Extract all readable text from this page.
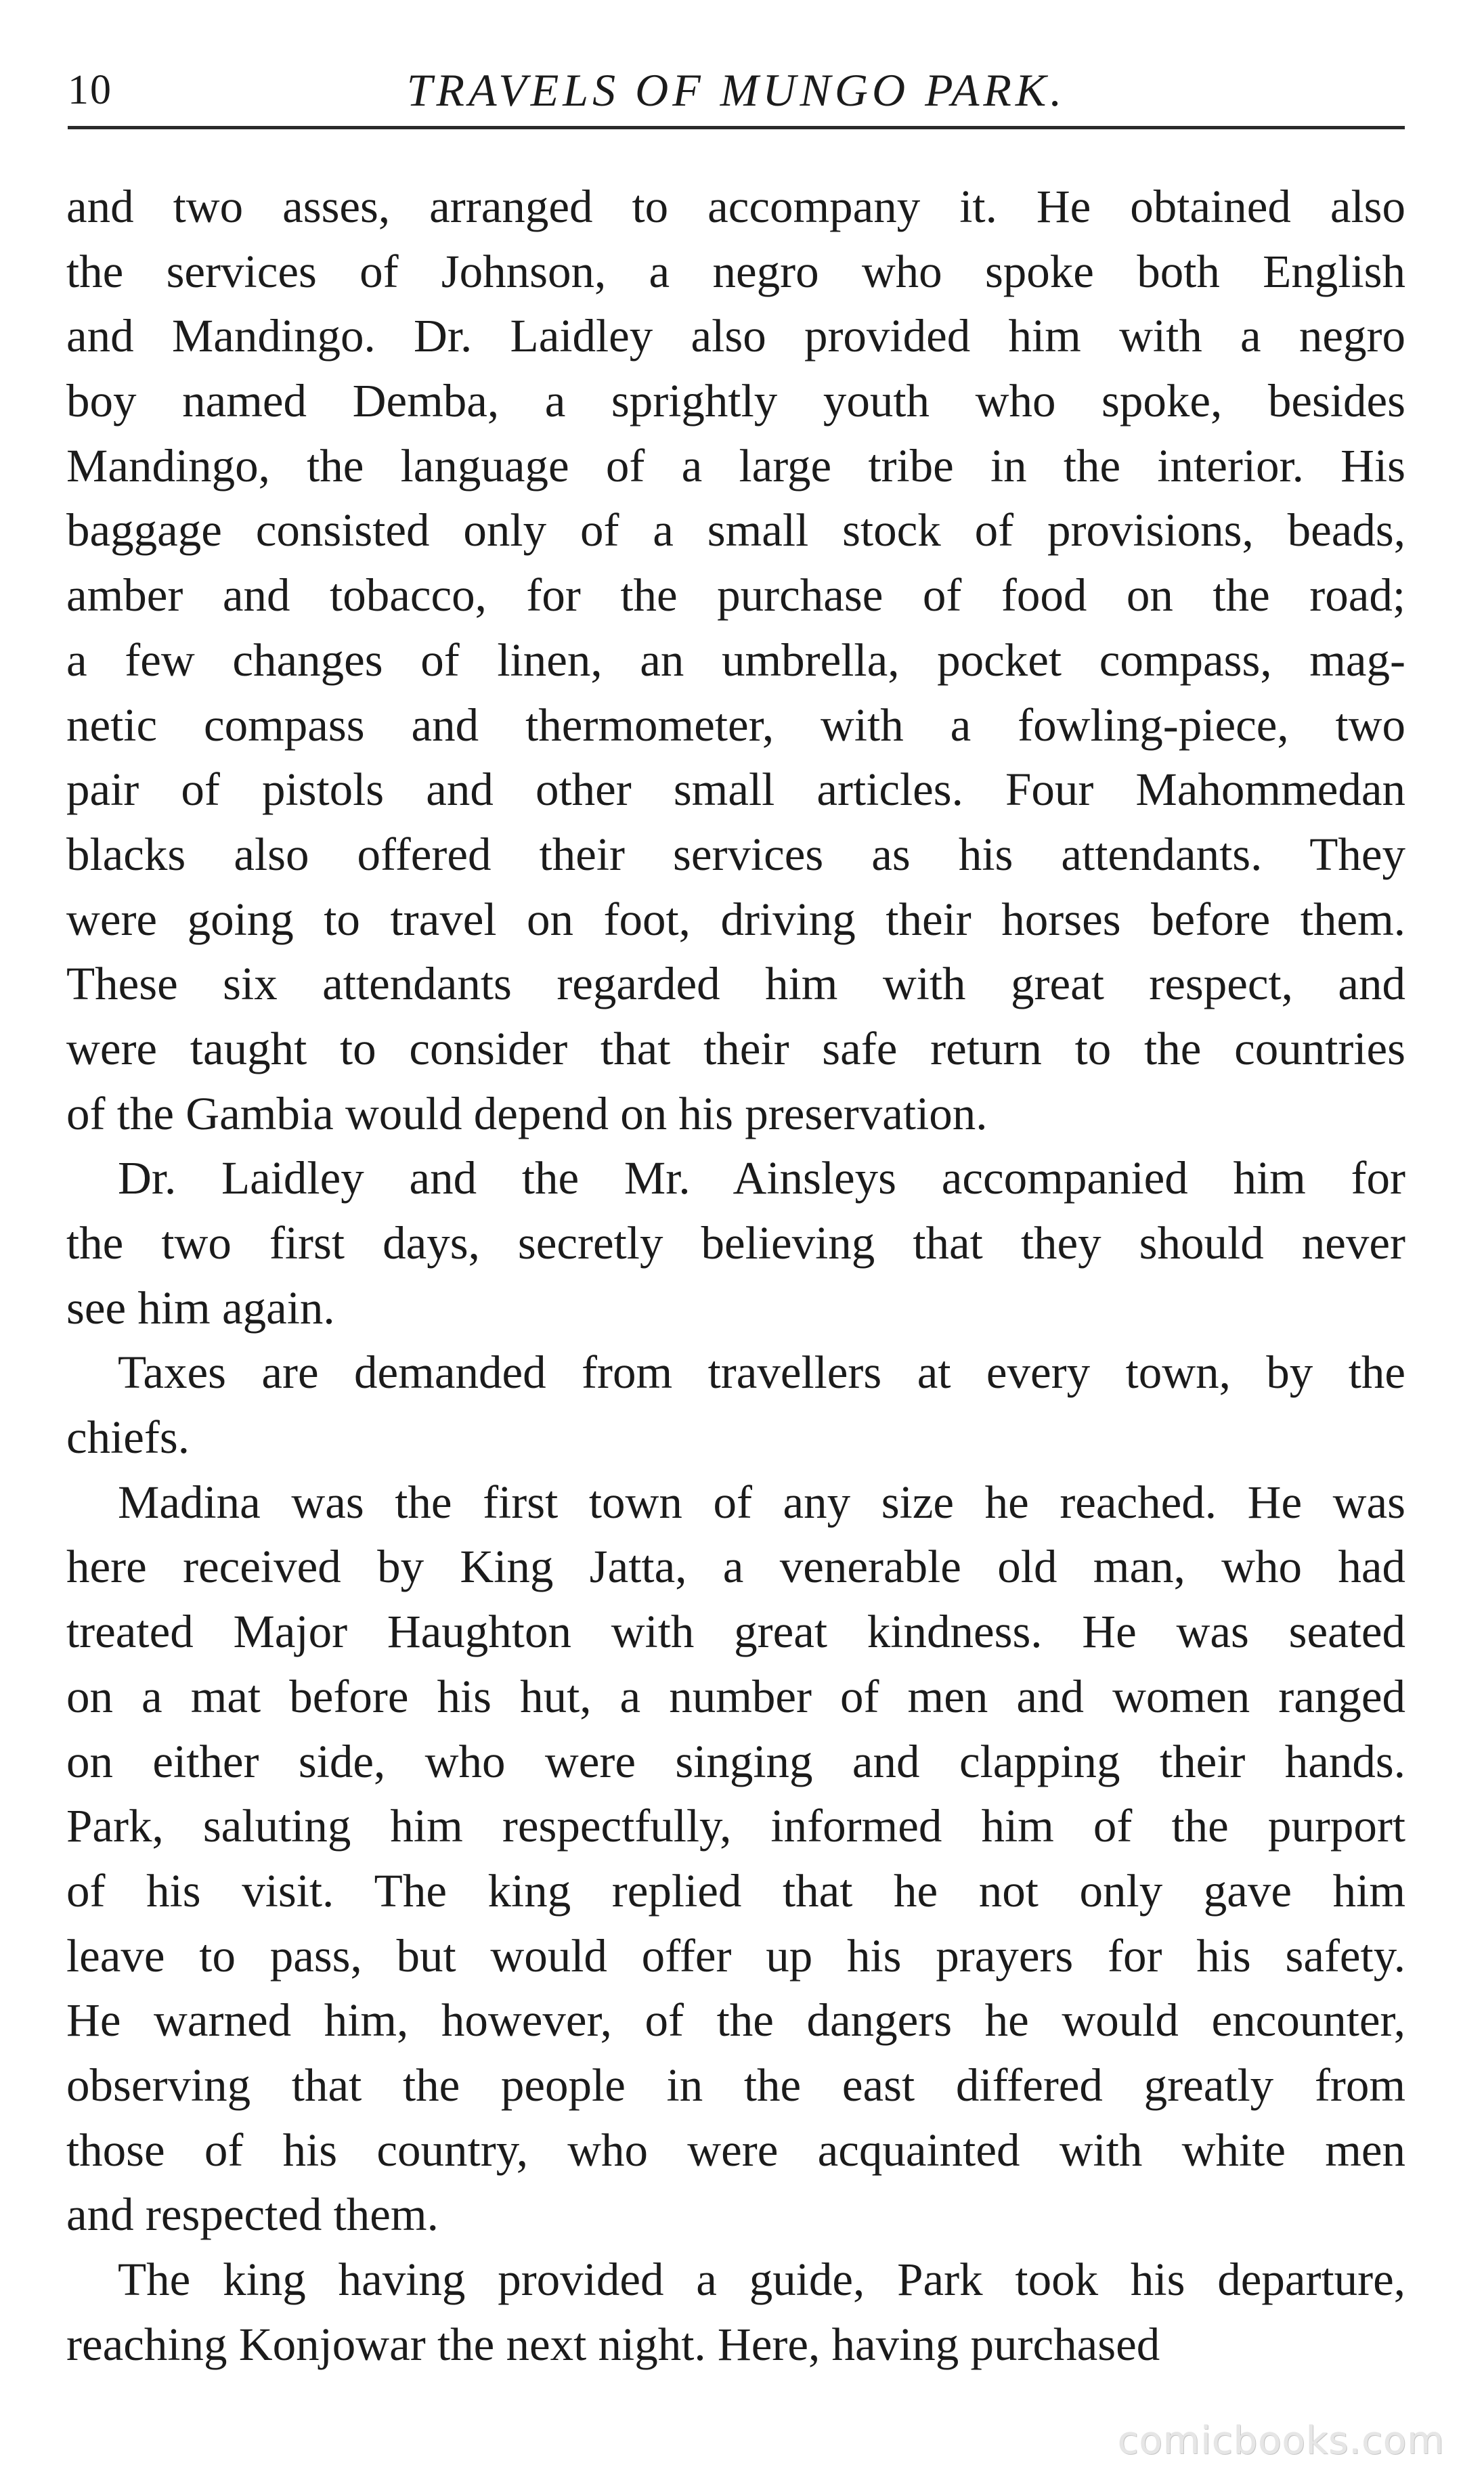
10	TRAVELS OF MUNGO PARK.
and two asses, arranged to accompany it. He obtained also
the services of Johnson, a negro who spoke both English
and Mandingo. Dr. Laidley also provided him with a negro
boy named Demba, a sprightly youth who spoke, besides
Mandingo, the language of a large tribe in the interior. His
baggage consisted only of a small stock of provisions, beads,
amber and tobacco, for the purchase of food on the road;
a few changes of linen, an umbrella, pocket compass, mag-
netic compass and thermometer, with a fowling-piece, two
pair of pistols and other small articles. Four Mahommedan
blacks also offered their services as his attendants. They
were going to travel on foot, driving their horses before them.
These six attendants regarded him with great respect, and
were taught to consider that their safe return to the countries
of the Gambia would depend on his preservation.
Dr. Laidley and the Mr. Ainsleys accompanied him for
the two first days, secretly believing that they should never
see him again.
Taxes are demanded from travellers at every town, by the
chiefs.
Madina was the first town of any size he reached. He was
here received by King Jatta, a venerable old man, who had
treated Major Haughton with great kindness. He was seated
on a mat before his hut, a number of men and women ranged
on either side, who were singing and clapping their hands.
Park, saluting him respectfully, informed him of the purport
of his visit. The king replied that he not only gave him
leave to pass, but would offer up his prayers for his safety.
He warned him, however, of the dangers he would encounter,
observing that the people in the east differed greatly from
those of his country, who were acquainted with white men
and respected them.
The king having provided a guide, Park took his departure,
reaching Konjowar the next night. Here, having purchased
comicbooks.com
